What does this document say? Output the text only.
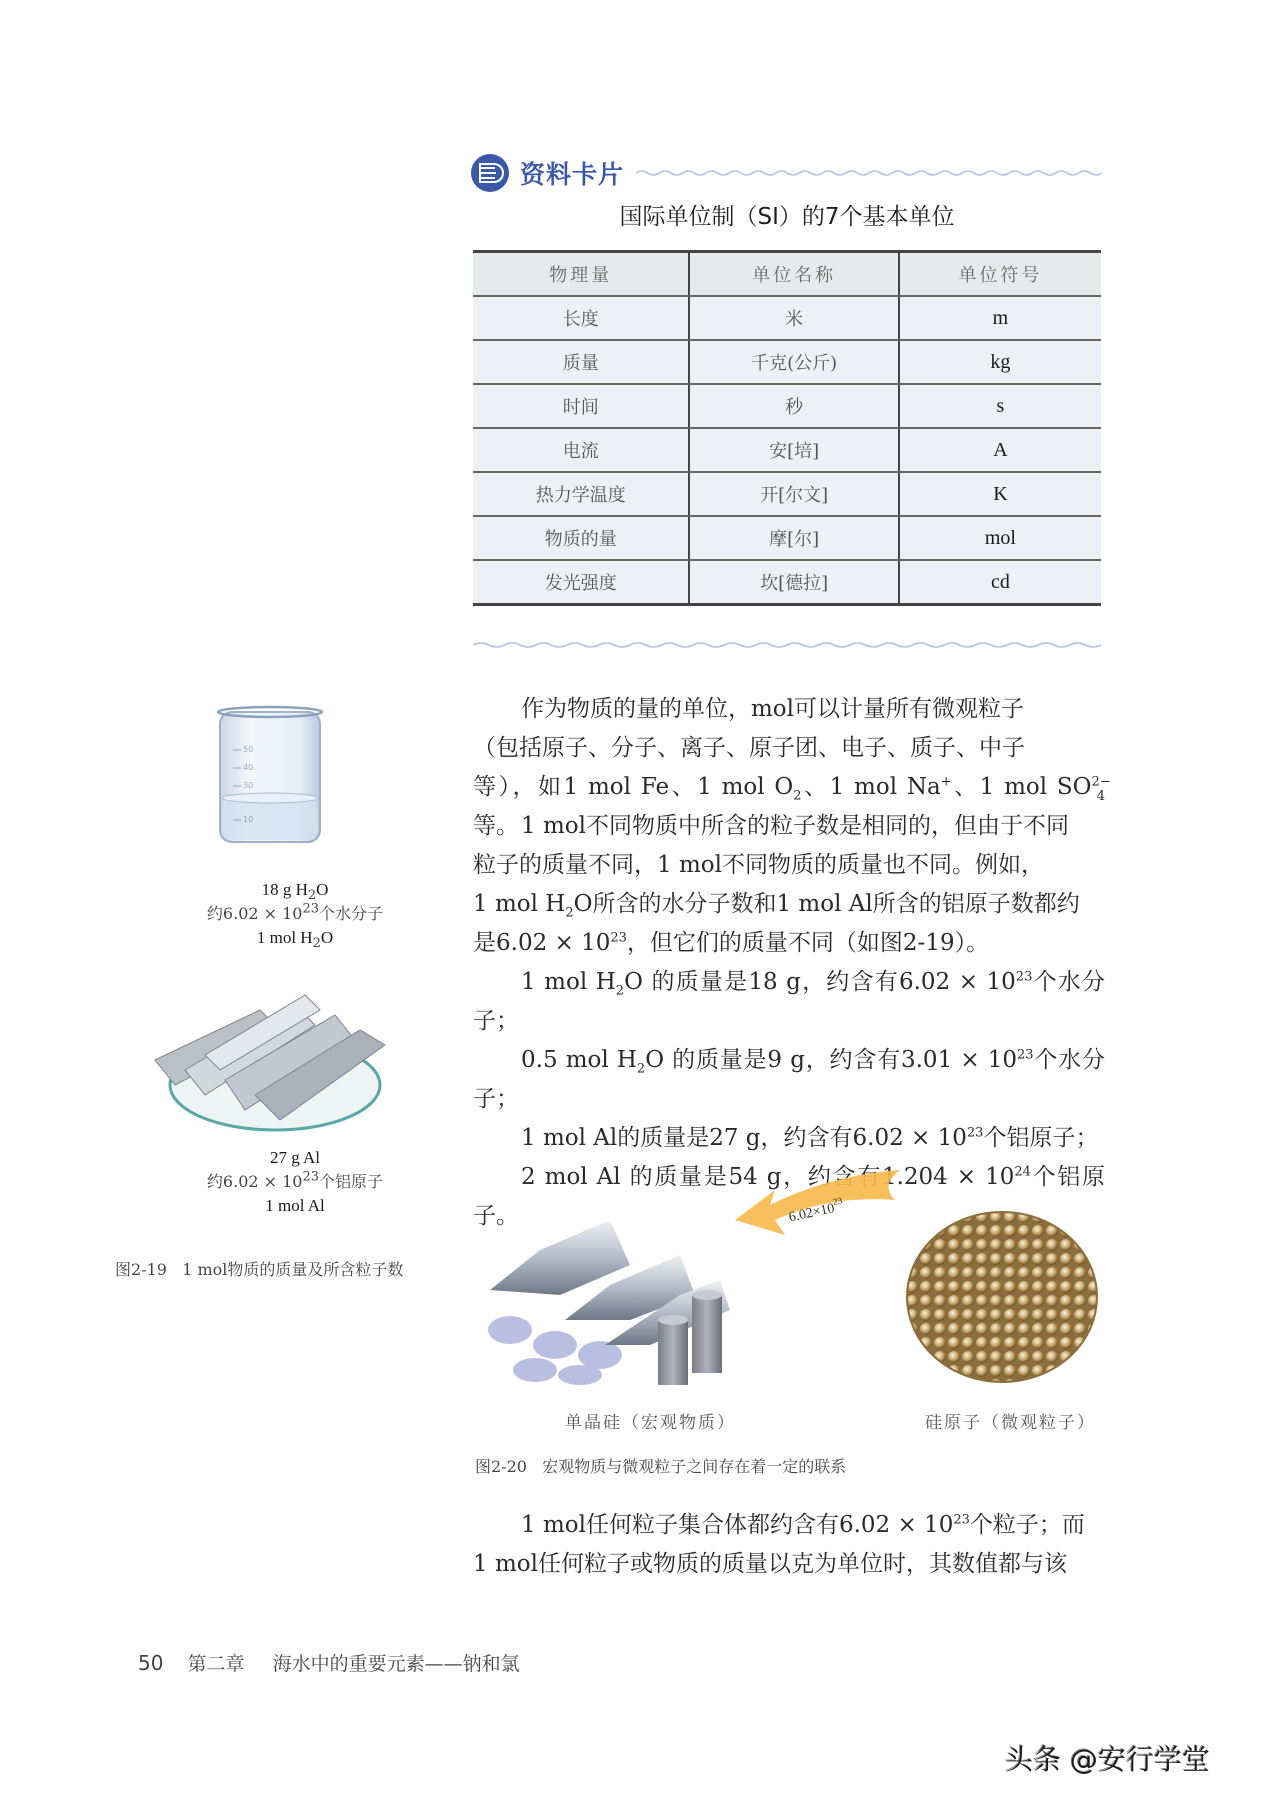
资料卡片
国际单位制（SI）的7个基本单位
物理量	单位名称	单位符号
长度	米	m
质量	千克(公斤)	kg
时间	秒	s
电流	安[培]	A
热力学温度	开[尔文]	K
物质的量	摩[尔]	mol
发光强度	坎[德拉]	cd

作为物质的量的单位，mol可以计量所有微观粒子

（包括原子、分子、离子、原子团、电子、质子、中子

等），如1 mol Fe、1 mol $O_2$、1 mol Na+、1 mol $SO^{2-}_4$等。 1 mol不同物质中所含的粒子数是相同的，但由于不同

粒子的质量不同，1 mol不同物质的质量也不同。例如，

1 mol $H_2O$所含的水分子数和1 mol Al所含的铝原子数都约

是$6.02 \times 10^{23}$，但它们的质量不同（如图2-19）。

1 mol $H_2O$ 的质量是18 g，约含有$6.02 \times 10^{23}$个水分子；

0.5 mol $H_2O$ 的质量是9 g，约含有$3.01 \times 10^{23}$个水分子；

1 mol Al的质量是27 g，约含有$6.02 \times 10^{23}$个铝原子；

2 mol Al 的质量是54 g，约含有$1.204 \times 10^{24}$个铝原子。

50
40
30
10
18 g $H_2O$
约$6.02 \times 10^{23}$个水分子
1 mol $H_2O$
27 g Al
约$6.02 \times 10^{23}$个铝原子
1 mol Al
图2-19 1 mol物质的质量及所含粒子数
$6.02\times 10^{23}$
单晶硅（宏观物质）	硅原子（微观粒子）
图2-20 宏观物质与微观粒子之间存在着一定的联系

1 mol任何粒子集合体都约含有$6.02 \times 10^{23}$个粒子；而

1 mol任何粒子或物质的质量以克为单位时，其数值都与该

50 第二章 海水中的重要元素——钠和氯
头条 @安行学堂
